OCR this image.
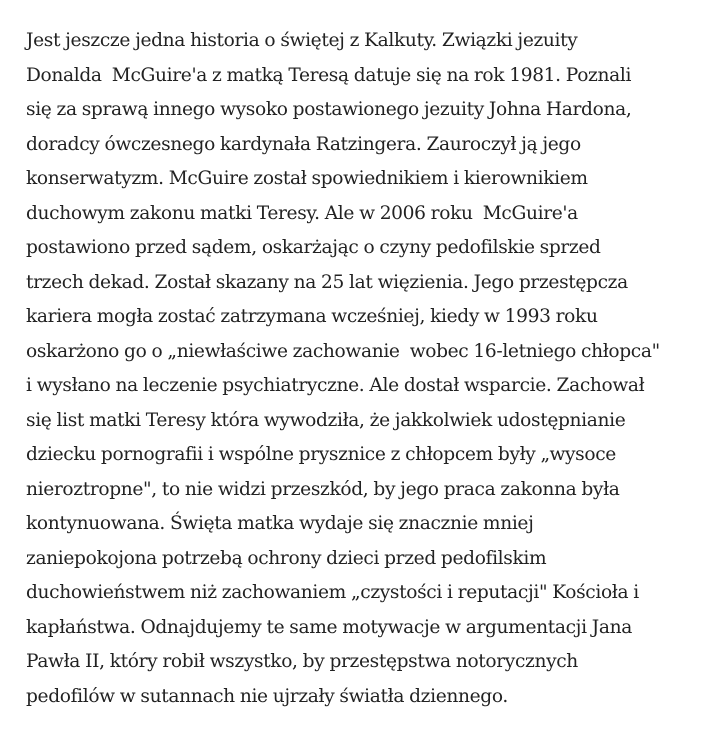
Jest jeszcze jedna historia o świętej z Kalkuty. Związki jezuity
Donalda  McGuire'a z matką Teresą datuje się na rok 1981. Poznali
się za sprawą innego wysoko postawionego jezuity Johna Hardona,
doradcy ówczesnego kardynała Ratzingera. Zauroczył ją jego
konserwatyzm. McGuire został spowiednikiem i kierownikiem
duchowym zakonu matki Teresy. Ale w 2006 roku  McGuire'a
postawiono przed sądem, oskarżając o czyny pedofilskie sprzed
trzech dekad. Został skazany na 25 lat więzienia. Jego przestępcza
kariera mogła zostać zatrzymana wcześniej, kiedy w 1993 roku
oskarżono go o „niewłaściwe zachowanie  wobec 16-letniego chłopca"
i wysłano na leczenie psychiatryczne. Ale dostał wsparcie. Zachował
się list matki Teresy która wywodziła, że jakkolwiek udostępnianie
dziecku pornografii i wspólne prysznice z chłopcem były „wysoce
nieroztropne", to nie widzi przeszkód, by jego praca zakonna była
kontynuowana. Święta matka wydaje się znacznie mniej
zaniepokojona potrzebą ochrony dzieci przed pedofilskim
duchowieństwem niż zachowaniem „czystości i reputacji" Kościoła i
kapłaństwa. Odnajdujemy te same motywacje w argumentacji Jana
Pawła II, który robił wszystko, by przestępstwa notorycznych
pedofilów w sutannach nie ujrzały światła dziennego.
